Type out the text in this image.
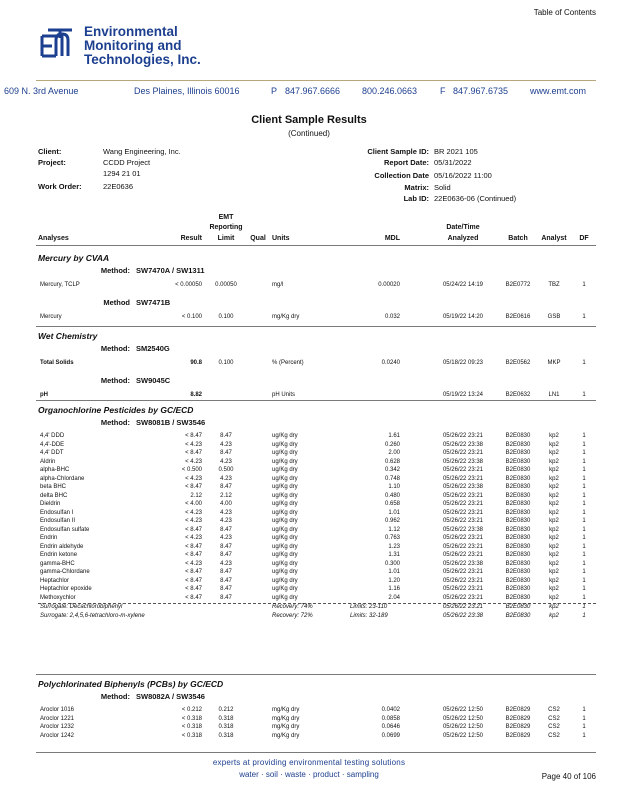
Table of Contents
Environmental
Monitoring and
Technologies, Inc.
609 N. 3rd Avenue	Des Plaines, Illinois 60016	P 847.967.6666 800.246.0663	F 847.967.6735 www.emt.com
Client Sample Results
(Continued)
Client:	Wang Engineering, Inc.
Project:	CCDD Project
1294 21 01
Work Order:	22E0636
Client Sample ID: BR 2021 105
Report Date: 05/31/2022
Collection Date 05/16/2022 11:00
Matrix: Solid
Lab ID: 22E0636-06 (Continued)
Analyses	Result
EMT
Reporting
Limit	Qual Units	MDL
Date/Time
Analyzed	Batch	Analyst	DF
Mercury by CVAA
Method: SW7470A / SW1311
Mercury, TCLP	< 0.00050	0.00050	mg/l	0.00020	05/24/22 14:19	B2E0772	TBZ	1
Method SW7471B
Mercury	< 0.100	0.100	mg/Kg dry	0.032	05/19/22 14:20	B2E0616	GSB	1
Wet Chemistry
Method: SM2540G
Total Solids	90.8	0.100	% (Percent)	0.0240	05/18/22 09:23	B2E0562	MKP	1
Method: SW9045C
pH	8.82	pH Units	05/19/22 13:24	B2E0632	LN1	1
Organochlorine Pesticides by GC/ECD
Method: SW8081B / SW3546
4,4' DDD	< 8.47	8.47	ug/Kg dry	1.61	05/26/22 23:21	B2E0830	kp2	1
4,4'-DDE	< 4.23	4.23	ug/Kg dry	0.260	05/26/22 23:38	B2E0830	kp2	1
4,4' DDT	< 8.47	8.47	ug/Kg dry	2.00	05/26/22 23:21	B2E0830	kp2	1
Aldrin	< 4.23	4.23	ug/Kg dry	0.628	05/26/22 23:38	B2E0830	kp2	1
alpha-BHC	< 0.500	0.500	ug/Kg dry	0.342	05/26/22 23:21	B2E0830	kp2	1
alpha-Chlordane	< 4.23	4.23	ug/Kg dry	0.748	05/26/22 23:21	B2E0830	kp2	1
beta BHC	< 8.47	8.47	ug/Kg dry	1.10	05/26/22 23:38	B2E0830	kp2	1
delta BHC	2.12	2.12	ug/Kg dry	0.480	05/26/22 23:21	B2E0830	kp2	1
Dieldrin	< 4.00	4.00	ug/Kg dry	0.658	05/26/22 23:21	B2E0830	kp2	1
Endosulfan I	< 4.23	4.23	ug/Kg dry	1.01	05/26/22 23:21	B2E0830	kp2	1
Endosulfan II	< 4.23	4.23	ug/Kg dry	0.962	05/26/22 23:21	B2E0830	kp2	1
Endosulfan sulfate	< 8.47	8.47	ug/Kg dry	1.12	05/26/22 23:38	B2E0830	kp2	1
Endrin	< 4.23	4.23	ug/Kg dry	0.763	05/26/22 23:21	B2E0830	kp2	1
Endrin aldehyde	< 8.47	8.47	ug/Kg dry	1.23	05/26/22 23:21	B2E0830	kp2	1
Endrin ketone	< 8.47	8.47	ug/Kg dry	1.31	05/26/22 23:21	B2E0830	kp2	1
gamma-BHC	< 4.23	4.23	ug/Kg dry	0.300	05/26/22 23:38	B2E0830	kp2	1
gamma-Chlordane	< 8.47	8.47	ug/Kg dry	1.01	05/26/22 23:21	B2E0830	kp2	1
Heptachlor	< 8.47	8.47	ug/Kg dry	1.20	05/26/22 23:21	B2E0830	kp2	1
Heptachlor epoxide	< 8.47	8.47	ug/Kg dry	1.16	05/26/22 23:21	B2E0830	kp2	1
Methoxychlor	< 8.47	8.47	ug/Kg dry	2.04	05/26/22 23:21	B2E0830	kp2	1
Surrogate: Decachlorobiphenyl	Recovery: 74%	Limits: 23-110	05/26/22 23:21	B2E0830	kp2	1
Surrogate: 2,4,5,6-tetrachloro-m-xylene	Recovery: 72%	Limits: 32-189	05/26/22 23:38	B2E0830	kp2	1
Polychlorinated Biphenyls (PCBs) by GC/ECD
Method: SW8082A / SW3546
Aroclor 1016	< 0.212	0.212	mg/Kg dry	0.0402	05/26/22 12:50	B2E0829	CS2	1
Aroclor 1221	< 0.318	0.318	mg/Kg dry	0.0858	05/26/22 12:50	B2E0829	CS2	1
Aroclor 1232	< 0.318	0.318	mg/Kg dry	0.0646	05/26/22 12:50	B2E0829	CS2	1
Aroclor 1242	< 0.318	0.318	mg/Kg dry	0.0699	05/26/22 12:50	B2E0829	CS2	1
experts at providing environmental testing solutions
water · soil · waste · product · sampling	Page 40 of 106
